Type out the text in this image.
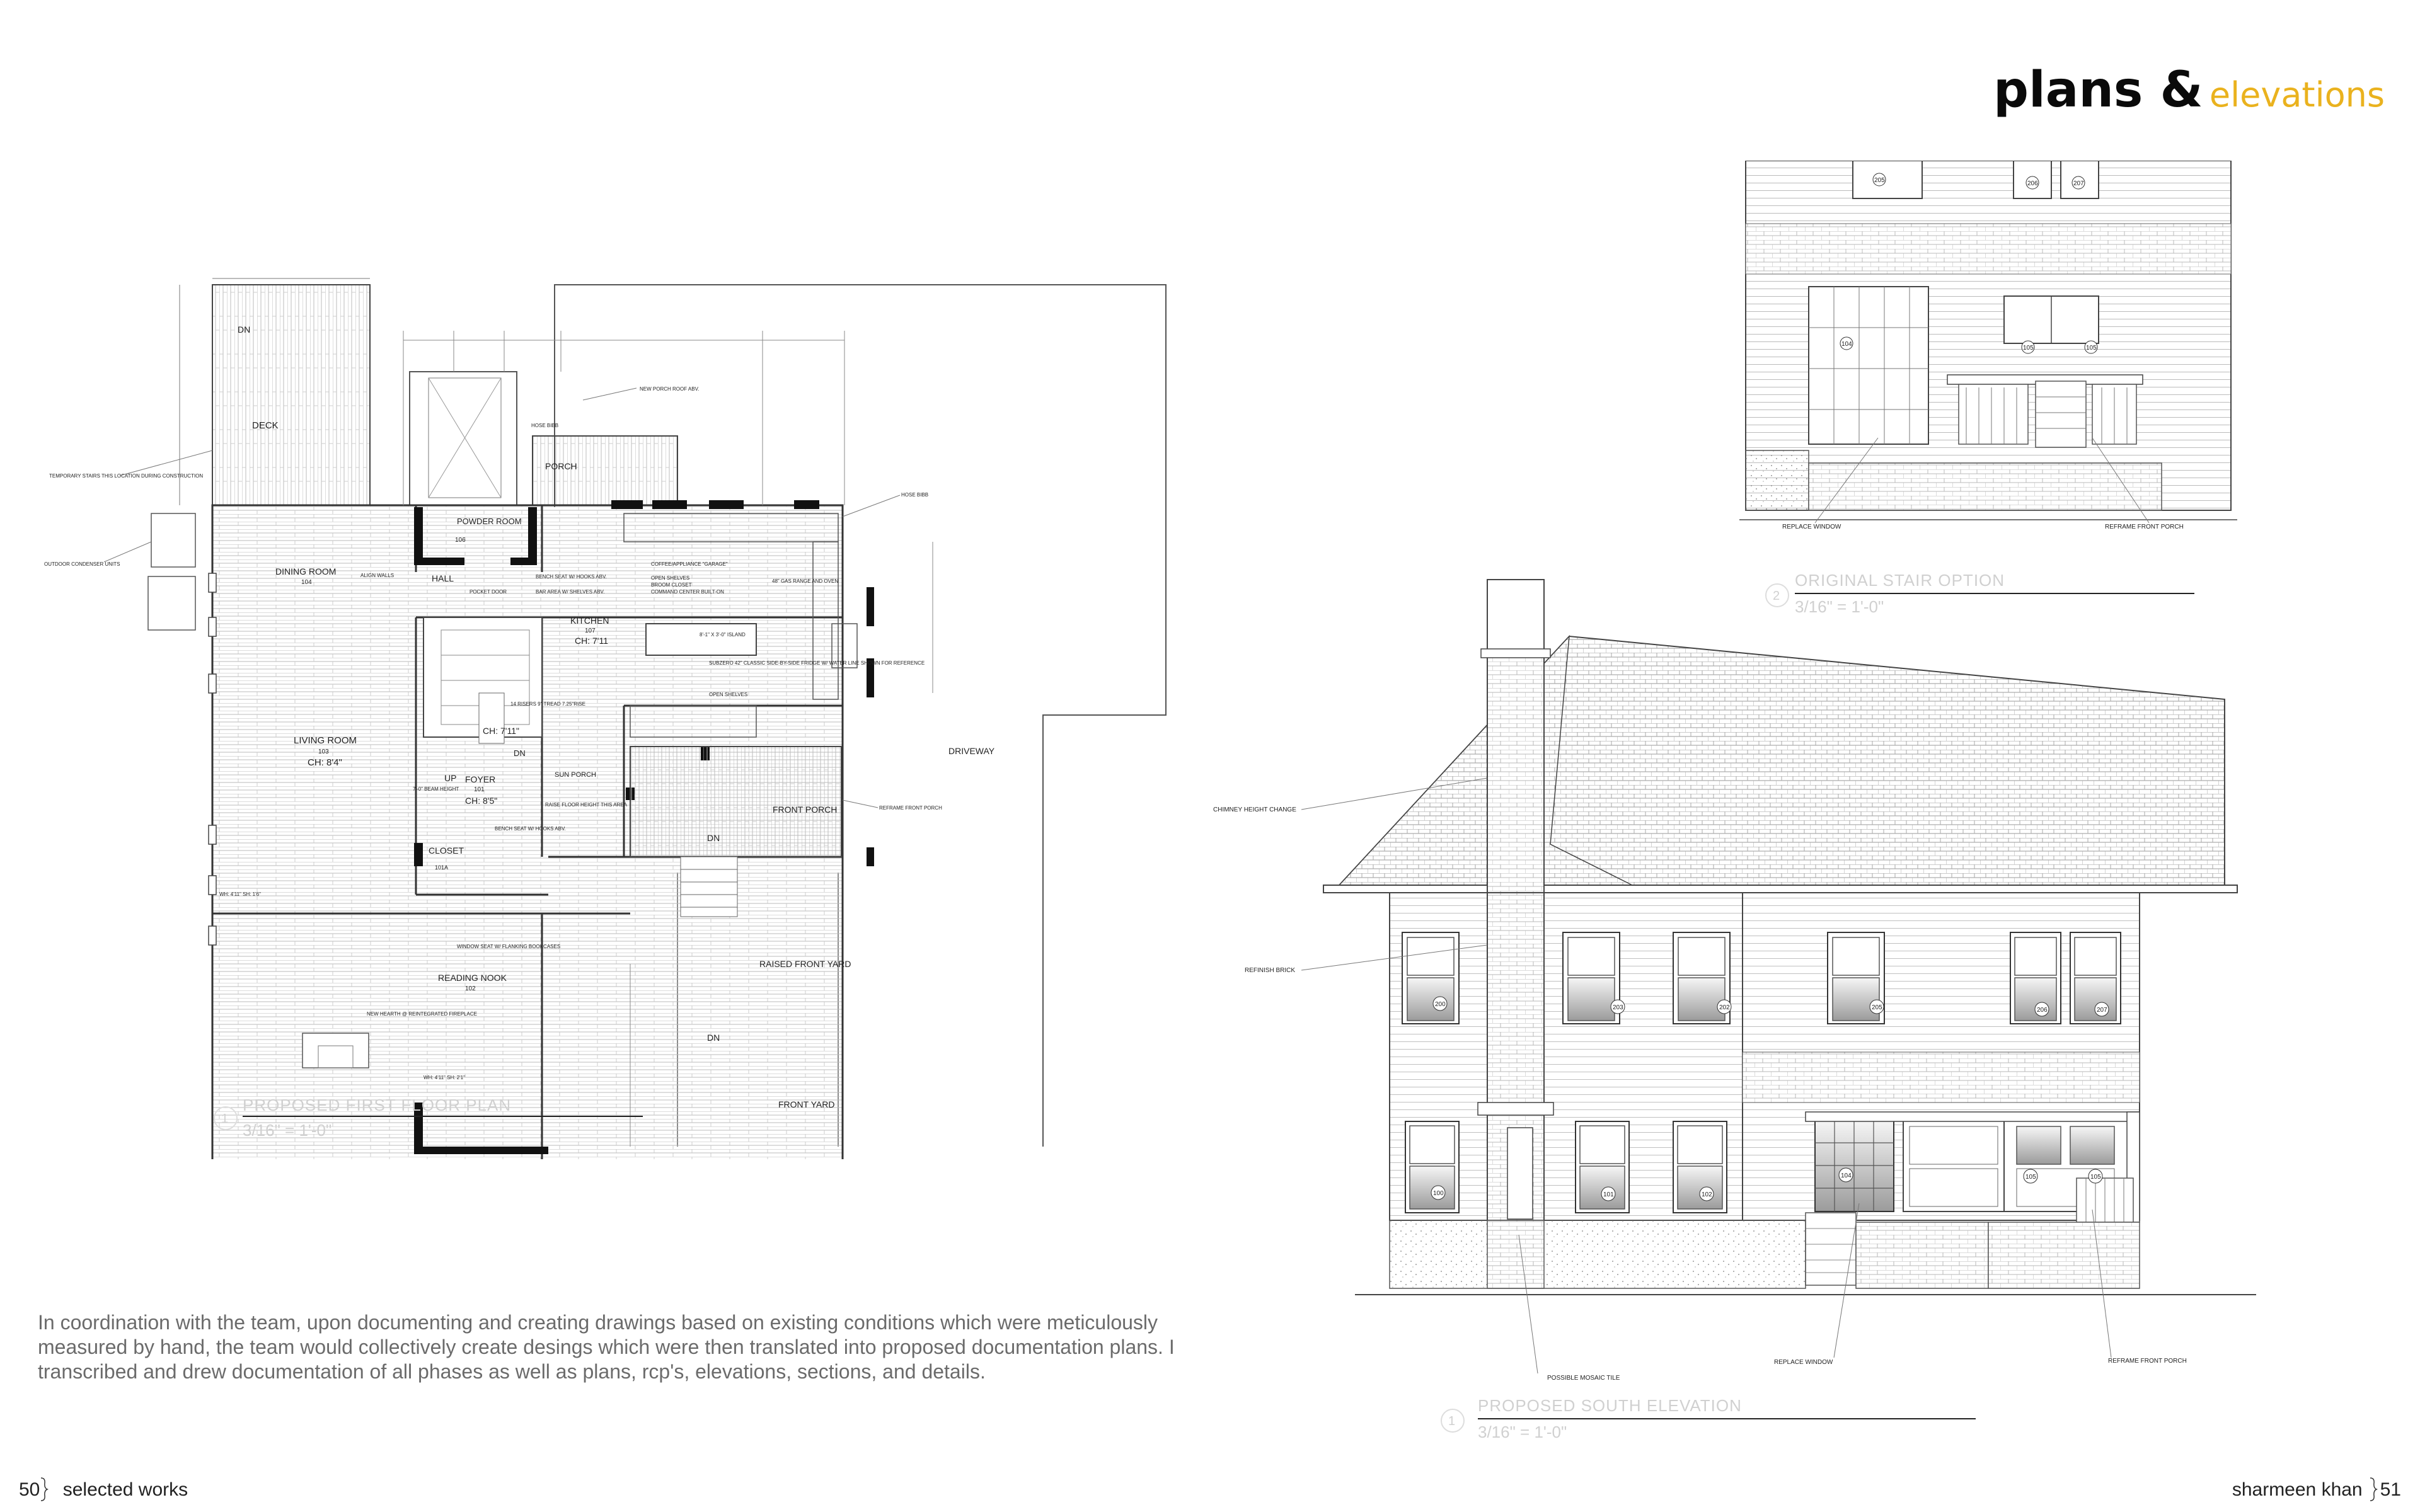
plans & elevations
DN
DECK
PORCH
POWDER ROOM
106
DINING ROOM
104	HALL
KITCHEN
107
CH: 7'11
LIVING ROOM
103
CH: 8'4"
CH: 7'11"
DN
UP FOYER
101
CH: 8'5"
SUN PORCH
CLOSET
101A
READING NOOK
102
FRONT PORCH
DN
DRIVEWAY
RAISED FRONT YARD
DN
FRONT YARD
TEMPORARY STAIRS THIS LOCATION DURING CONSTRUCTION
OUTDOOR CONDENSER UNITS
NEW PORCH ROOF ABV.
HOSE BIBB
HOSE BIBB
ALIGN WALLS
POCKET DOOR
BENCH SEAT W/ HOOKS ABV.
BAR AREA W/ SHELVES ABV.
COFFEE/APPLIANCE "GARAGE"
OPEN SHELVES
BROOM CLOSET
COMMAND CENTER BUILT-ON
48" GAS RANGE AND OVEN
8'-1" X 3'-0" ISLAND
SUBZERO 42" CLASSIC SIDE-BY-SIDE FRIDGE W/ WATER LINE SHOWN FOR REFERENCE
OPEN SHELVES
7'-0" BEAM HEIGHT
RAISE FLOOR HEIGHT THIS AREA
BENCH SEAT W/ HOOKS ABV.
14 RISERS 9" TREAD 7.25"RISE
WINDOW SEAT W/ FLANKING BOOKCASES
NEW HEARTH @ REINTEGRATED FIREPLACE
REFRAME FRONT PORCH
WH: 4'11" SH: 1'6"
WH: 4'11" SH: 2'1"
1
PROPOSED FIRST FLOOR PLAN
3/16" = 1'-0"
205	206	207
104
105	105
REPLACE WINDOW	REFRAME FRONT PORCH
2
ORIGINAL STAIR OPTION
3/16" = 1'-0"
200	203	202	205	206	207
100	101	102
104	105	105
CHIMNEY HEIGHT CHANGE
REFINISH BRICK
POSSIBLE MOSAIC TILE
REPLACE WINDOW	REFRAME FRONT PORCH
1
PROPOSED SOUTH ELEVATION
3/16" = 1'-0"
In coordination with the team, upon documenting and creating drawings based on existing conditions which were meticulously measured by hand, the team would collectively create desings which were then translated into proposed documentation plans. I transcribed and drew documentation of all phases as well as plans, rcp's, elevations, sections, and details.
50 selected works	sharmeen khan 51
